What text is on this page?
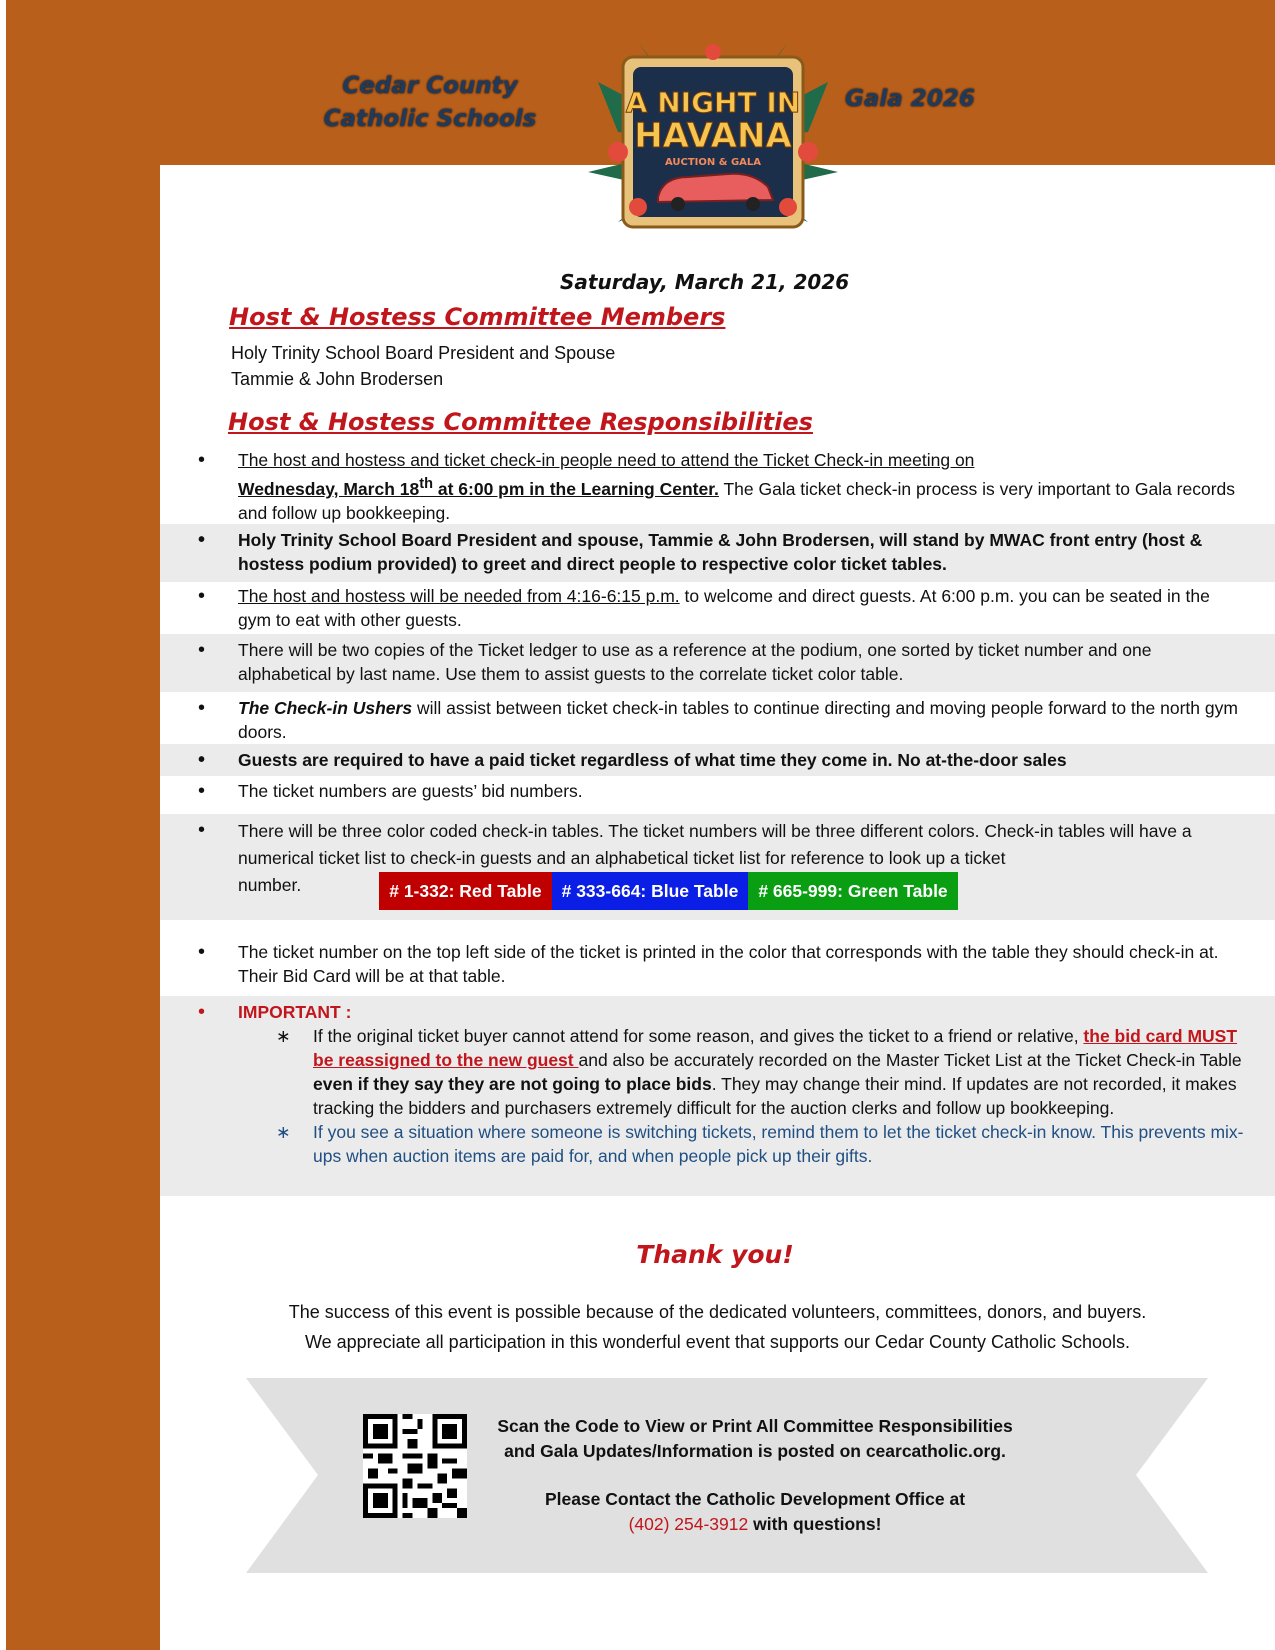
Cedar County
Catholic Schools
Gala 2026
A NIGHT IN
HAVANA
AUCTION & GALA
Saturday, March 21, 2026
Host & Hostess Committee Members
Holy Trinity School Board President and Spouse
Tammie & John Brodersen
Host & Hostess Committee Responsibilities
• The host and hostess and ticket check-in people need to attend the Ticket Check-in meeting on
Wednesday, March 18th at 6:00 pm in the Learning Center. The Gala ticket check-in process is very important to Gala records and follow up bookkeeping.
• Holy Trinity School Board President and spouse, Tammie & John Brodersen, will stand by MWAC front entry (host & hostess podium provided) to greet and direct people to respective color ticket tables.
• The host and hostess will be needed from 4:16-6:15 p.m. to welcome and direct guests. At 6:00 p.m. you can be seated in the gym to eat with other guests.
• There will be two copies of the Ticket ledger to use as a reference at the podium, one sorted by ticket number and one alphabetical by last name. Use them to assist guests to the correlate ticket color table.
• The Check-in Ushers will assist between ticket check-in tables to continue directing and moving people forward to the north gym doors.
• Guests are required to have a paid ticket regardless of what time they come in. No at-the-door sales
• The ticket numbers are guests’ bid numbers.
• There will be three color coded check-in tables. The ticket numbers will be three different colors. Check-in tables will have a numerical ticket list to check-in guests and an alphabetical ticket list for reference to look up a ticket
number.	# 1-332: Red Table	# 333-664: Blue Table	# 665-999: Green Table
• The ticket number on the top left side of the ticket is printed in the color that corresponds with the table they should check-in at. Their Bid Card will be at that table.
• IMPORTANT :
∗ If the original ticket buyer cannot attend for some reason, and gives the ticket to a friend or relative, the bid card MUST be reassigned to the new guest and also be accurately recorded on the Master Ticket List at the Ticket Check-in Table even if they say they are not going to place bids. They may change their mind. If updates are not recorded, it makes tracking the bidders and purchasers extremely difficult for the auction clerks and follow up bookkeeping.
∗ If you see a situation where someone is switching tickets, remind them to let the ticket check-in know. This prevents mix-ups when auction items are paid for, and when people pick up their gifts.
Thank you!
The success of this event is possible because of the dedicated volunteers, committees, donors, and buyers.
We appreciate all participation in this wonderful event that supports our Cedar County Catholic Schools.
Scan the Code to View or Print All Committee Responsibilities
and Gala Updates/Information is posted on cearcatholic.org.
Please Contact the Catholic Development Office at
(402) 254-3912 with questions!
